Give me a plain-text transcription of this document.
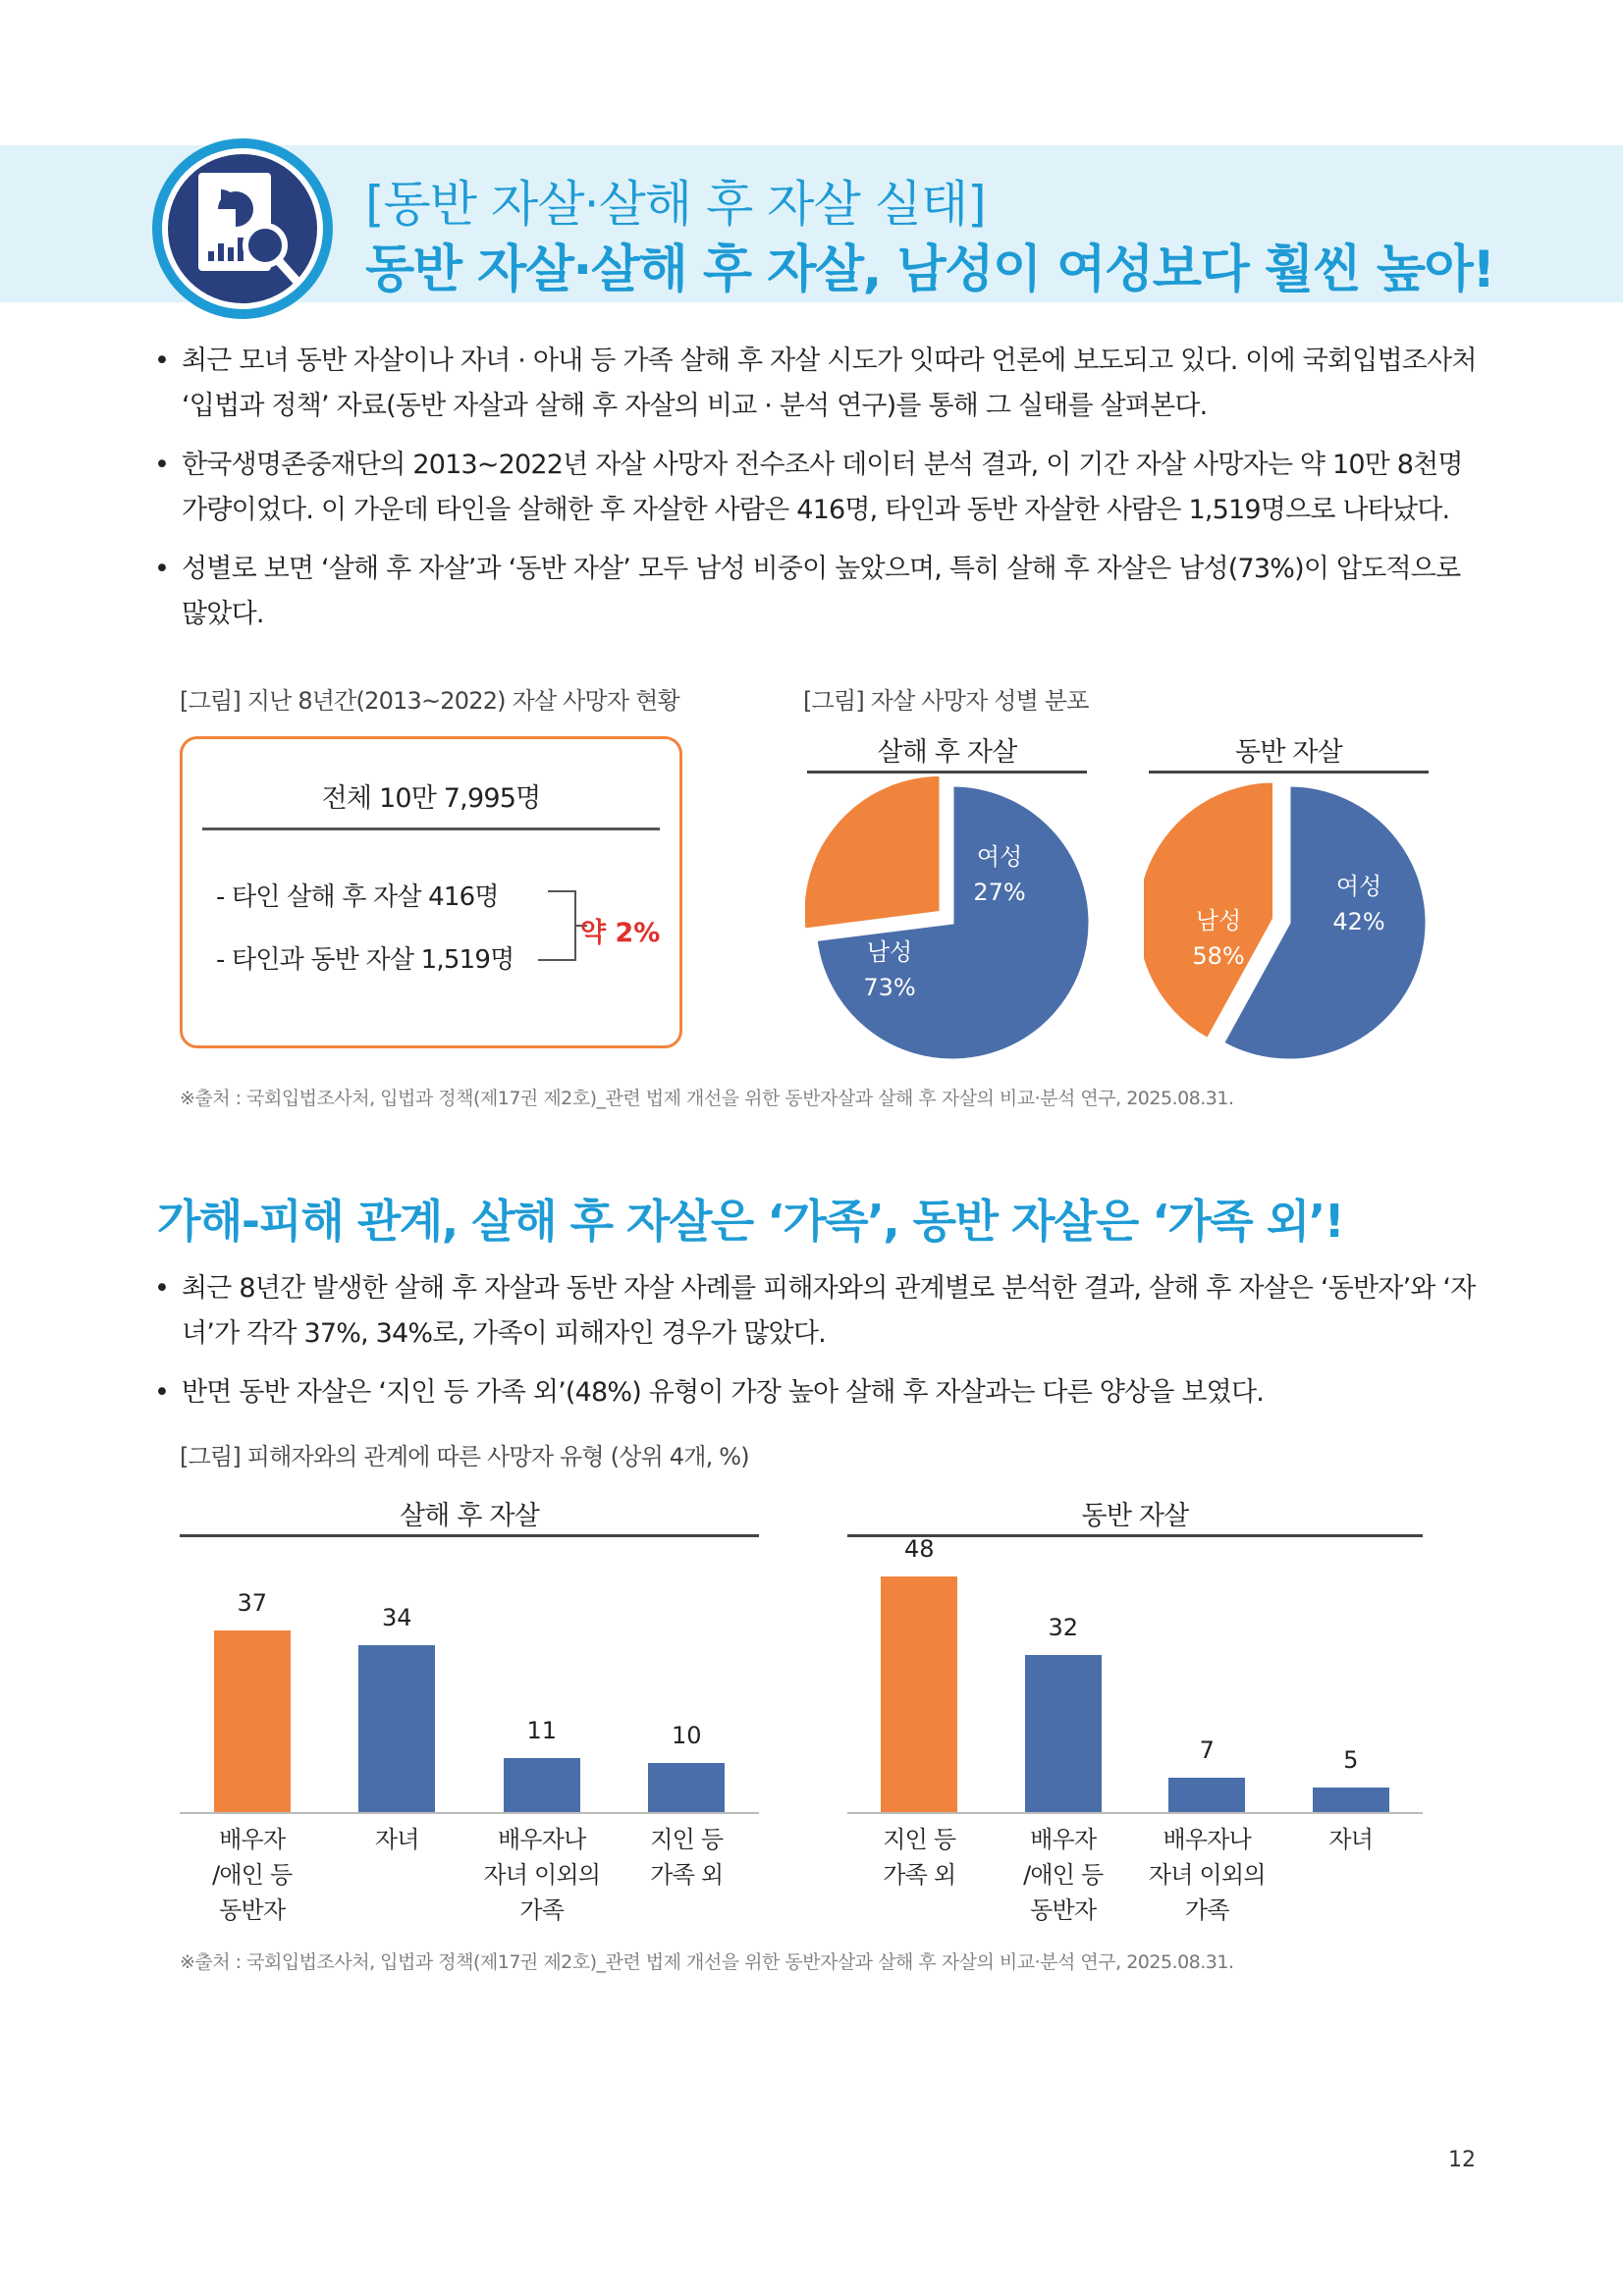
[동반 자살·살해 후 자살 실태]
동반 자살·살해 후 자살, 남성이 여성보다 훨씬 높아!
• 최근 모녀 동반 자살이나 자녀 · 아내 등 가족 살해 후 자살 시도가 잇따라 언론에 보도되고 있다. 이에 국회입법조사처 ‘입법과 정책’ 자료(동반 자살과 살해 후 자살의 비교 · 분석 연구)를 통해 그 실태를 살펴본다.
• 한국생명존중재단의 2013~2022년 자살 사망자 전수조사 데이터 분석 결과, 이 기간 자살 사망자는 약 10만 8천명가량이었다. 이 가운데 타인을 살해한 후 자살한 사람은 416명, 타인과 동반 자살한 사람은 1,519명으로 나타났다.
• 성별로 보면 ‘살해 후 자살’과 ‘동반 자살’ 모두 남성 비중이 높았으며, 특히 살해 후 자살은 남성(73%)이 압도적으로 많았다.
[그림] 지난 8년간(2013~2022) 자살 사망자 현황
전체 10만 7,995명
- 타인 살해 후 자살 416명
- 타인과 동반 자살 1,519명
약 2%
[그림] 자살 사망자 성별 분포
살해 후 자살
여성
27%
남성
73%
동반 자살
여성
42%
남성
58%
※출처 : 국회입법조사처, 입법과 정책(제17권 제2호)_관련 법제 개선을 위한 동반자살과 살해 후 자살의 비교·분석 연구, 2025.08.31.
가해-피해 관계, 살해 후 자살은 ‘가족’, 동반 자살은 ‘가족 외’!
• 최근 8년간 발생한 살해 후 자살과 동반 자살 사례를 피해자와의 관계별로 분석한 결과, 살해 후 자살은 ‘동반자’와 ‘자녀’가 각각 37%, 34%로, 가족이 피해자인 경우가 많았다.
• 반면 동반 자살은 ‘지인 등 가족 외’(48%) 유형이 가장 높아 살해 후 자살과는 다른 양상을 보였다.
[그림] 피해자와의 관계에 따른 사망자 유형 (상위 4개, %)
살해 후 자살
37
배우자
/애인 등
동반자
34
자녀
11
배우자나
자녀 이외의
가족
10
지인 등
가족 외
동반 자살
48
지인 등
가족 외
32
배우자
/애인 등
동반자
7
배우자나
자녀 이외의
가족
5
자녀
※출처 : 국회입법조사처, 입법과 정책(제17권 제2호)_관련 법제 개선을 위한 동반자살과 살해 후 자살의 비교·분석 연구, 2025.08.31.
12
